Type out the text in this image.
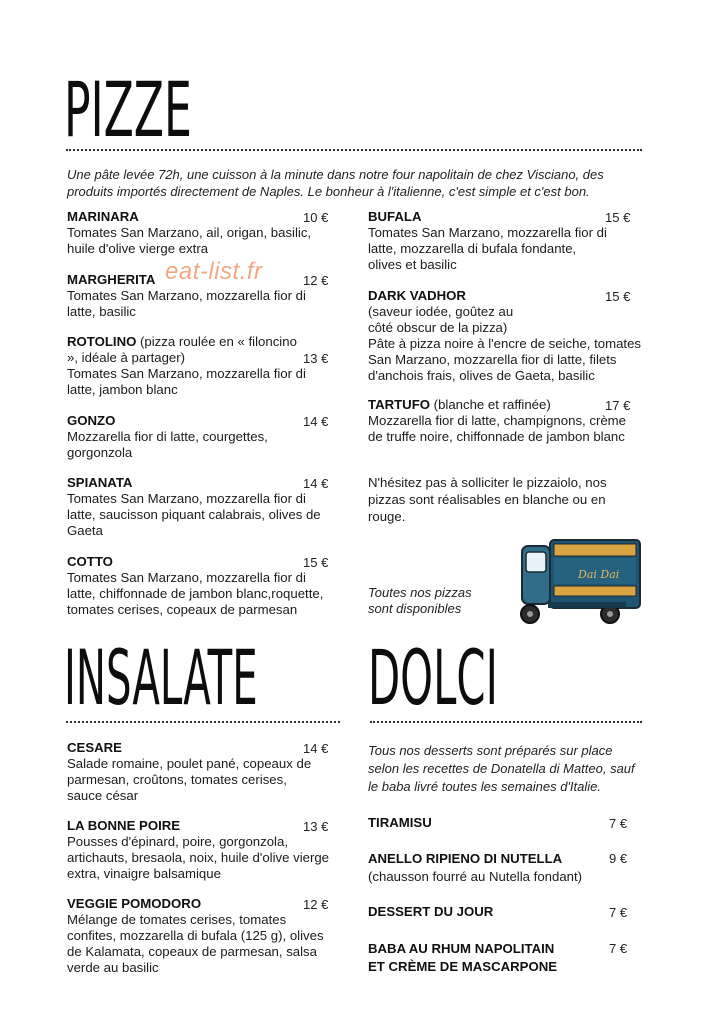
PIZZE
Une pâte levée 72h, une cuisson à la minute dans notre four napolitain de chez Visciano, des produits importés directement de Naples. Le bonheur à l'italienne, c'est simple et c'est bon.
MARINARA
Tomates San Marzano, ail, origan, basilic, huile d'olive vierge extra
10 €
MARGHERITA
Tomates San Marzano, mozzarella fior di latte, basilic
12 €
ROTOLINO (pizza roulée en « filoncino », idéale à partager)
Tomates San Marzano, mozzarella fior di latte, jambon blanc
13 €
GONZO
Mozzarella fior di latte, courgettes, gorgonzola
14 €
SPIANATA
Tomates San Marzano, mozzarella fior di latte, saucisson piquant calabrais, olives de Gaeta
14 €
COTTO
Tomates San Marzano, mozzarella fior di latte, chiffonnade de jambon blanc,roquette, tomates cerises, copeaux de parmesan
15 €
BUFALA
Tomates San Marzano, mozzarella fior di latte, mozzarella di bufala fondante, olives et basilic
15 €
DARK VADHOR
(saveur iodée, goûtez au côté obscur de la pizza)
Pâte à pizza noire à l'encre de seiche, tomates San Marzano, mozzarella fior di latte, filets d'anchois frais, olives de Gaeta, basilic
15 €
TARTUFO (blanche et raffinée)
Mozzarella fior di latte, champignons, crème de truffe noire, chiffonnade de jambon blanc
17 €
N'hésitez pas à solliciter le pizzaiolo, nos pizzas sont réalisables en blanche ou en rouge.
Toutes nos pizzas sont disponibles
Dai Dai
INSALATE
CESARE
Salade romaine, poulet pané, copeaux de parmesan, croûtons, tomates cerises, sauce césar
14 €
LA BONNE POIRE
Pousses d'épinard, poire, gorgonzola, artichauts, bresaola, noix, huile d'olive vierge extra, vinaigre balsamique
13 €
VEGGIE POMODORO
Mélange de tomates cerises, tomates confites, mozzarella di bufala (125 g), olives de Kalamata, copeaux de parmesan, salsa verde au basilic
12 €
DOLCI
Tous nos desserts sont préparés sur place selon les recettes de Donatella di Matteo, sauf le baba livré toutes les semaines d'Italie.
TIRAMISU	7 €
ANELLO RIPIENO DI NUTELLA
(chausson fourré au Nutella fondant)
9 €
DESSERT DU JOUR	7 €
BABA AU RHUM NAPOLITAIN ET CRÈME DE MASCARPONE
7 €
eat-list.fr
